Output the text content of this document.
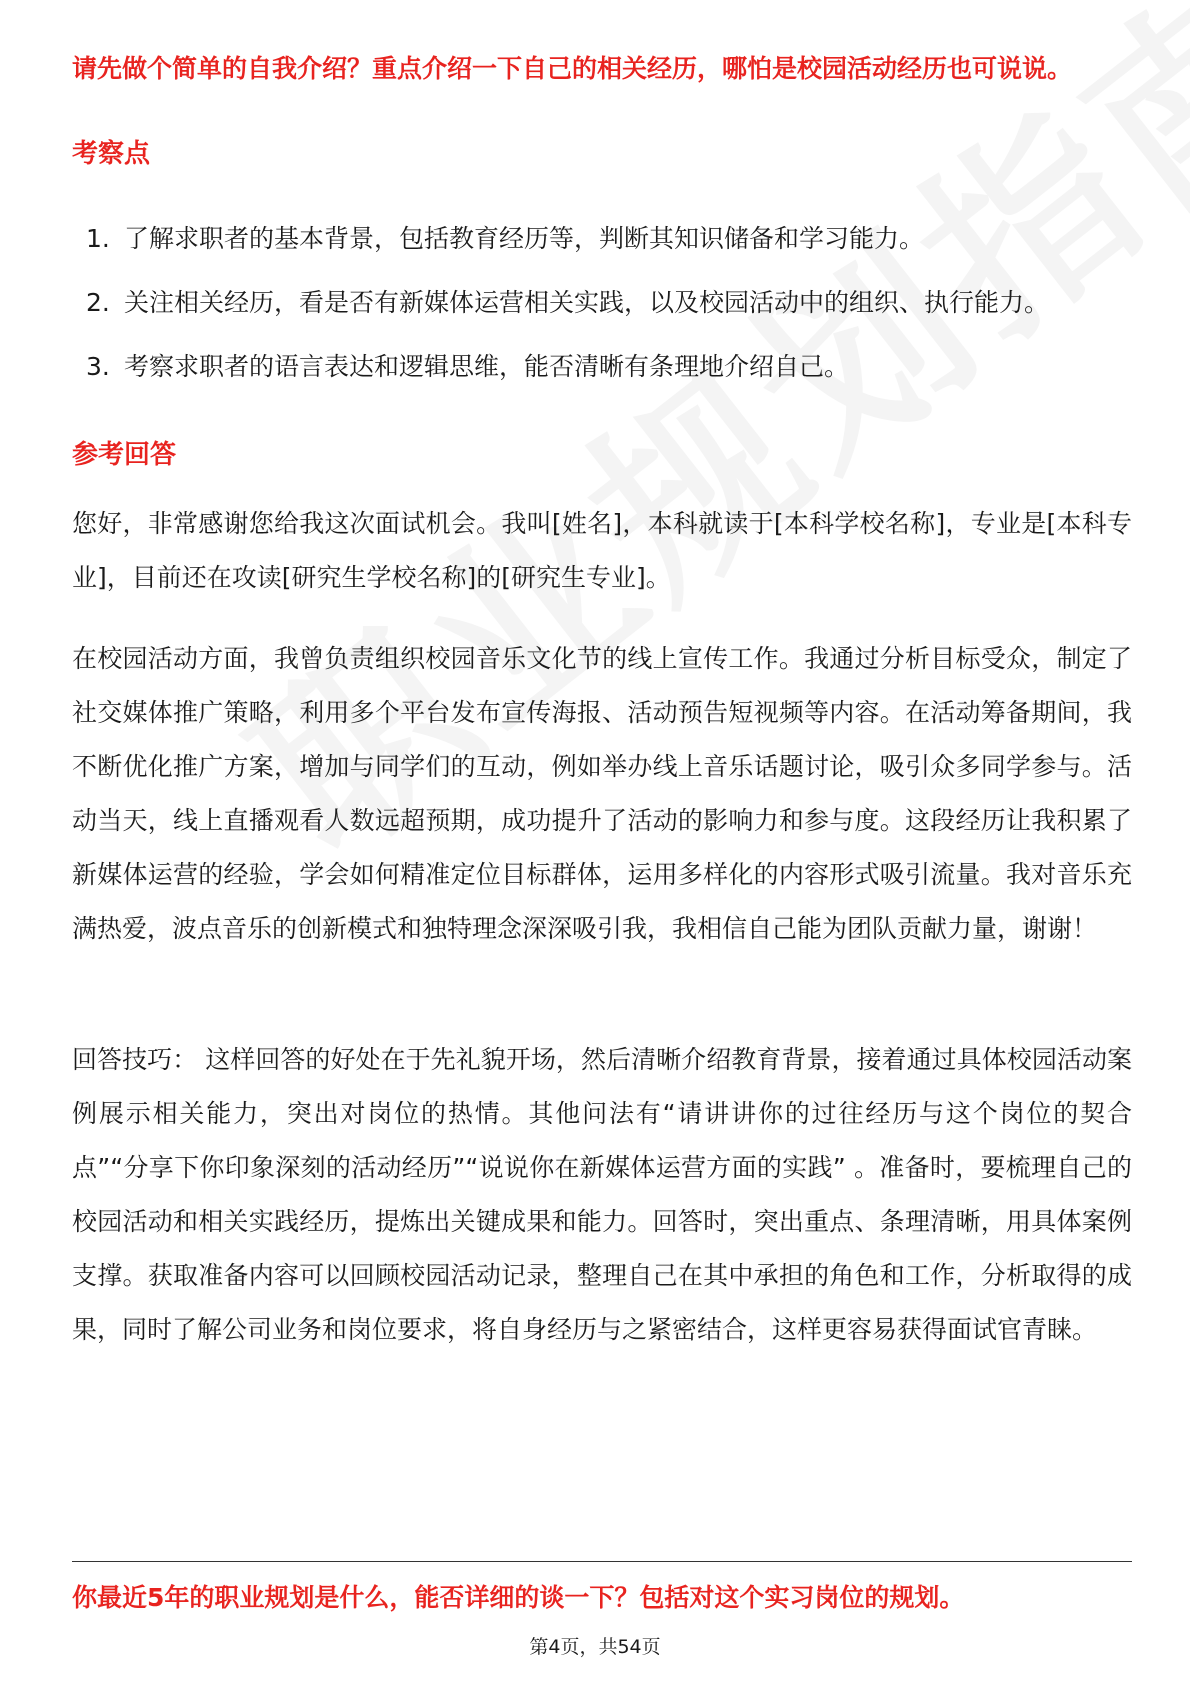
请先做个简单的自我介绍？重点介绍一下自己的相关经历，哪怕是校园活动经历也可说说。

考察点

1. 了解求职者的基本背景，包括教育经历等，判断其知识储备和学习能力。
2. 关注相关经历，看是否有新媒体运营相关实践，以及校园活动中的组织、执行能力。
3. 考察求职者的语言表达和逻辑思维，能否清晰有条理地介绍自己。

参考回答

您好，非常感谢您给我这次面试机会。我叫[姓名]，本科就读于[本科学校名称]，专业是[本科专业]，目前还在攻读[研究生学校名称]的[研究生专业]。

在校园活动方面，我曾负责组织校园音乐文化节的线上宣传工作。我通过分析目标受众，制定了社交媒体推广策略，利用多个平台发布宣传海报、活动预告短视频等内容。在活动筹备期间，我不断优化推广方案，增加与同学们的互动，例如举办线上音乐话题讨论，吸引众多同学参与。活动当天，线上直播观看人数远超预期，成功提升了活动的影响力和参与度。这段经历让我积累了新媒体运营的经验，学会如何精准定位目标群体，运用多样化的内容形式吸引流量。我对音乐充满热爱，波点音乐的创新模式和独特理念深深吸引我，我相信自己能为团队贡献力量，谢谢！

回答技巧： 这样回答的好处在于先礼貌开场，然后清晰介绍教育背景，接着通过具体校园活动案例展示相关能力，突出对岗位的热情。其他问法有“请讲讲你的过往经历与这个岗位的契合点”“分享下你印象深刻的活动经历”“说说你在新媒体运营方面的实践” 。准备时，要梳理自己的校园活动和相关实践经历，提炼出关键成果和能力。回答时，突出重点、条理清晰，用具体案例支撑。获取准备内容可以回顾校园活动记录，整理自己在其中承担的角色和工作，分析取得的成果，同时了解公司业务和岗位要求，将自身经历与之紧密结合，这样更容易获得面试官青睐。

你最近5年的职业规划是什么，能否详细的谈一下？包括对这个实习岗位的规划。

第4页，共54页
